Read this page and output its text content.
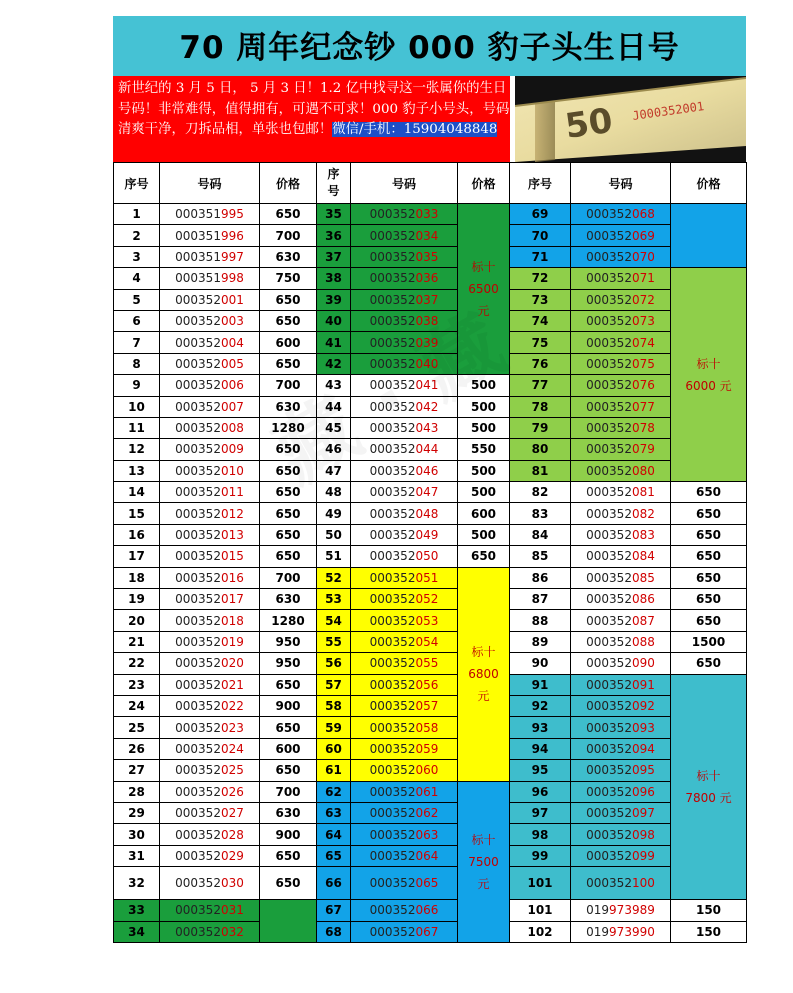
70 周年纪念钞 000 豹子头生日号
新世纪的 3 月 5 日， 5 月 3 日！1.2 亿中找寻这一张属你的生日号码！非常难得，值得拥有，可遇不可求！000 豹子小号头，号码清爽干净，刀拆品相，单张也包邮！微信/手机：15904048848	50 J000352001
序号	号码	价格	序
号	号码	价格	序号	号码	价格
1	000351995	650	35	000352033	标十
6500
元	69	000352068	
2	000351996	700	36	000352034		70	000352069	
3	000351997	630	37	000352035		71	000352070	
4	000351998	750	38	000352036		72	000352071	标十
6000 元
5	000352001	650	39	000352037		73	000352072	
6	000352003	650	40	000352038		74	000352073	
7	000352004	600	41	000352039		75	000352074	
8	000352005	650	42	000352040		76	000352075	
9	000352006	700	43	000352041	500	77	000352076	
10	000352007	630	44	000352042	500	78	000352077	
11	000352008	1280	45	000352043	500	79	000352078	
12	000352009	650	46	000352044	550	80	000352079	
13	000352010	650	47	000352046	500	81	000352080	
14	000352011	650	48	000352047	500	82	000352081	650
15	000352012	650	49	000352048	600	83	000352082	650
16	000352013	650	50	000352049	500	84	000352083	650
17	000352015	650	51	000352050	650	85	000352084	650
18	000352016	700	52	000352051	标十
6800
元	86	000352085	650
19	000352017	630	53	000352052		87	000352086	650
20	000352018	1280	54	000352053		88	000352087	650
21	000352019	950	55	000352054		89	000352088	1500
22	000352020	950	56	000352055		90	000352090	650
23	000352021	650	57	000352056		91	000352091	标十
7800 元
24	000352022	900	58	000352057		92	000352092	
25	000352023	650	59	000352058		93	000352093	
26	000352024	600	60	000352059		94	000352094	
27	000352025	650	61	000352060		95	000352095	
28	000352026	700	62	000352061	标十
7500
元	96	000352096	
29	000352027	630	63	000352062		97	000352097	
30	000352028	900	64	000352063		98	000352098	
31	000352029	650	65	000352064		99	000352099	
32	000352030	650	66	000352065		101	000352100	
33	000352031		67	000352066		101	019973989	150
34	000352032		68	000352067		102	019973990	150
